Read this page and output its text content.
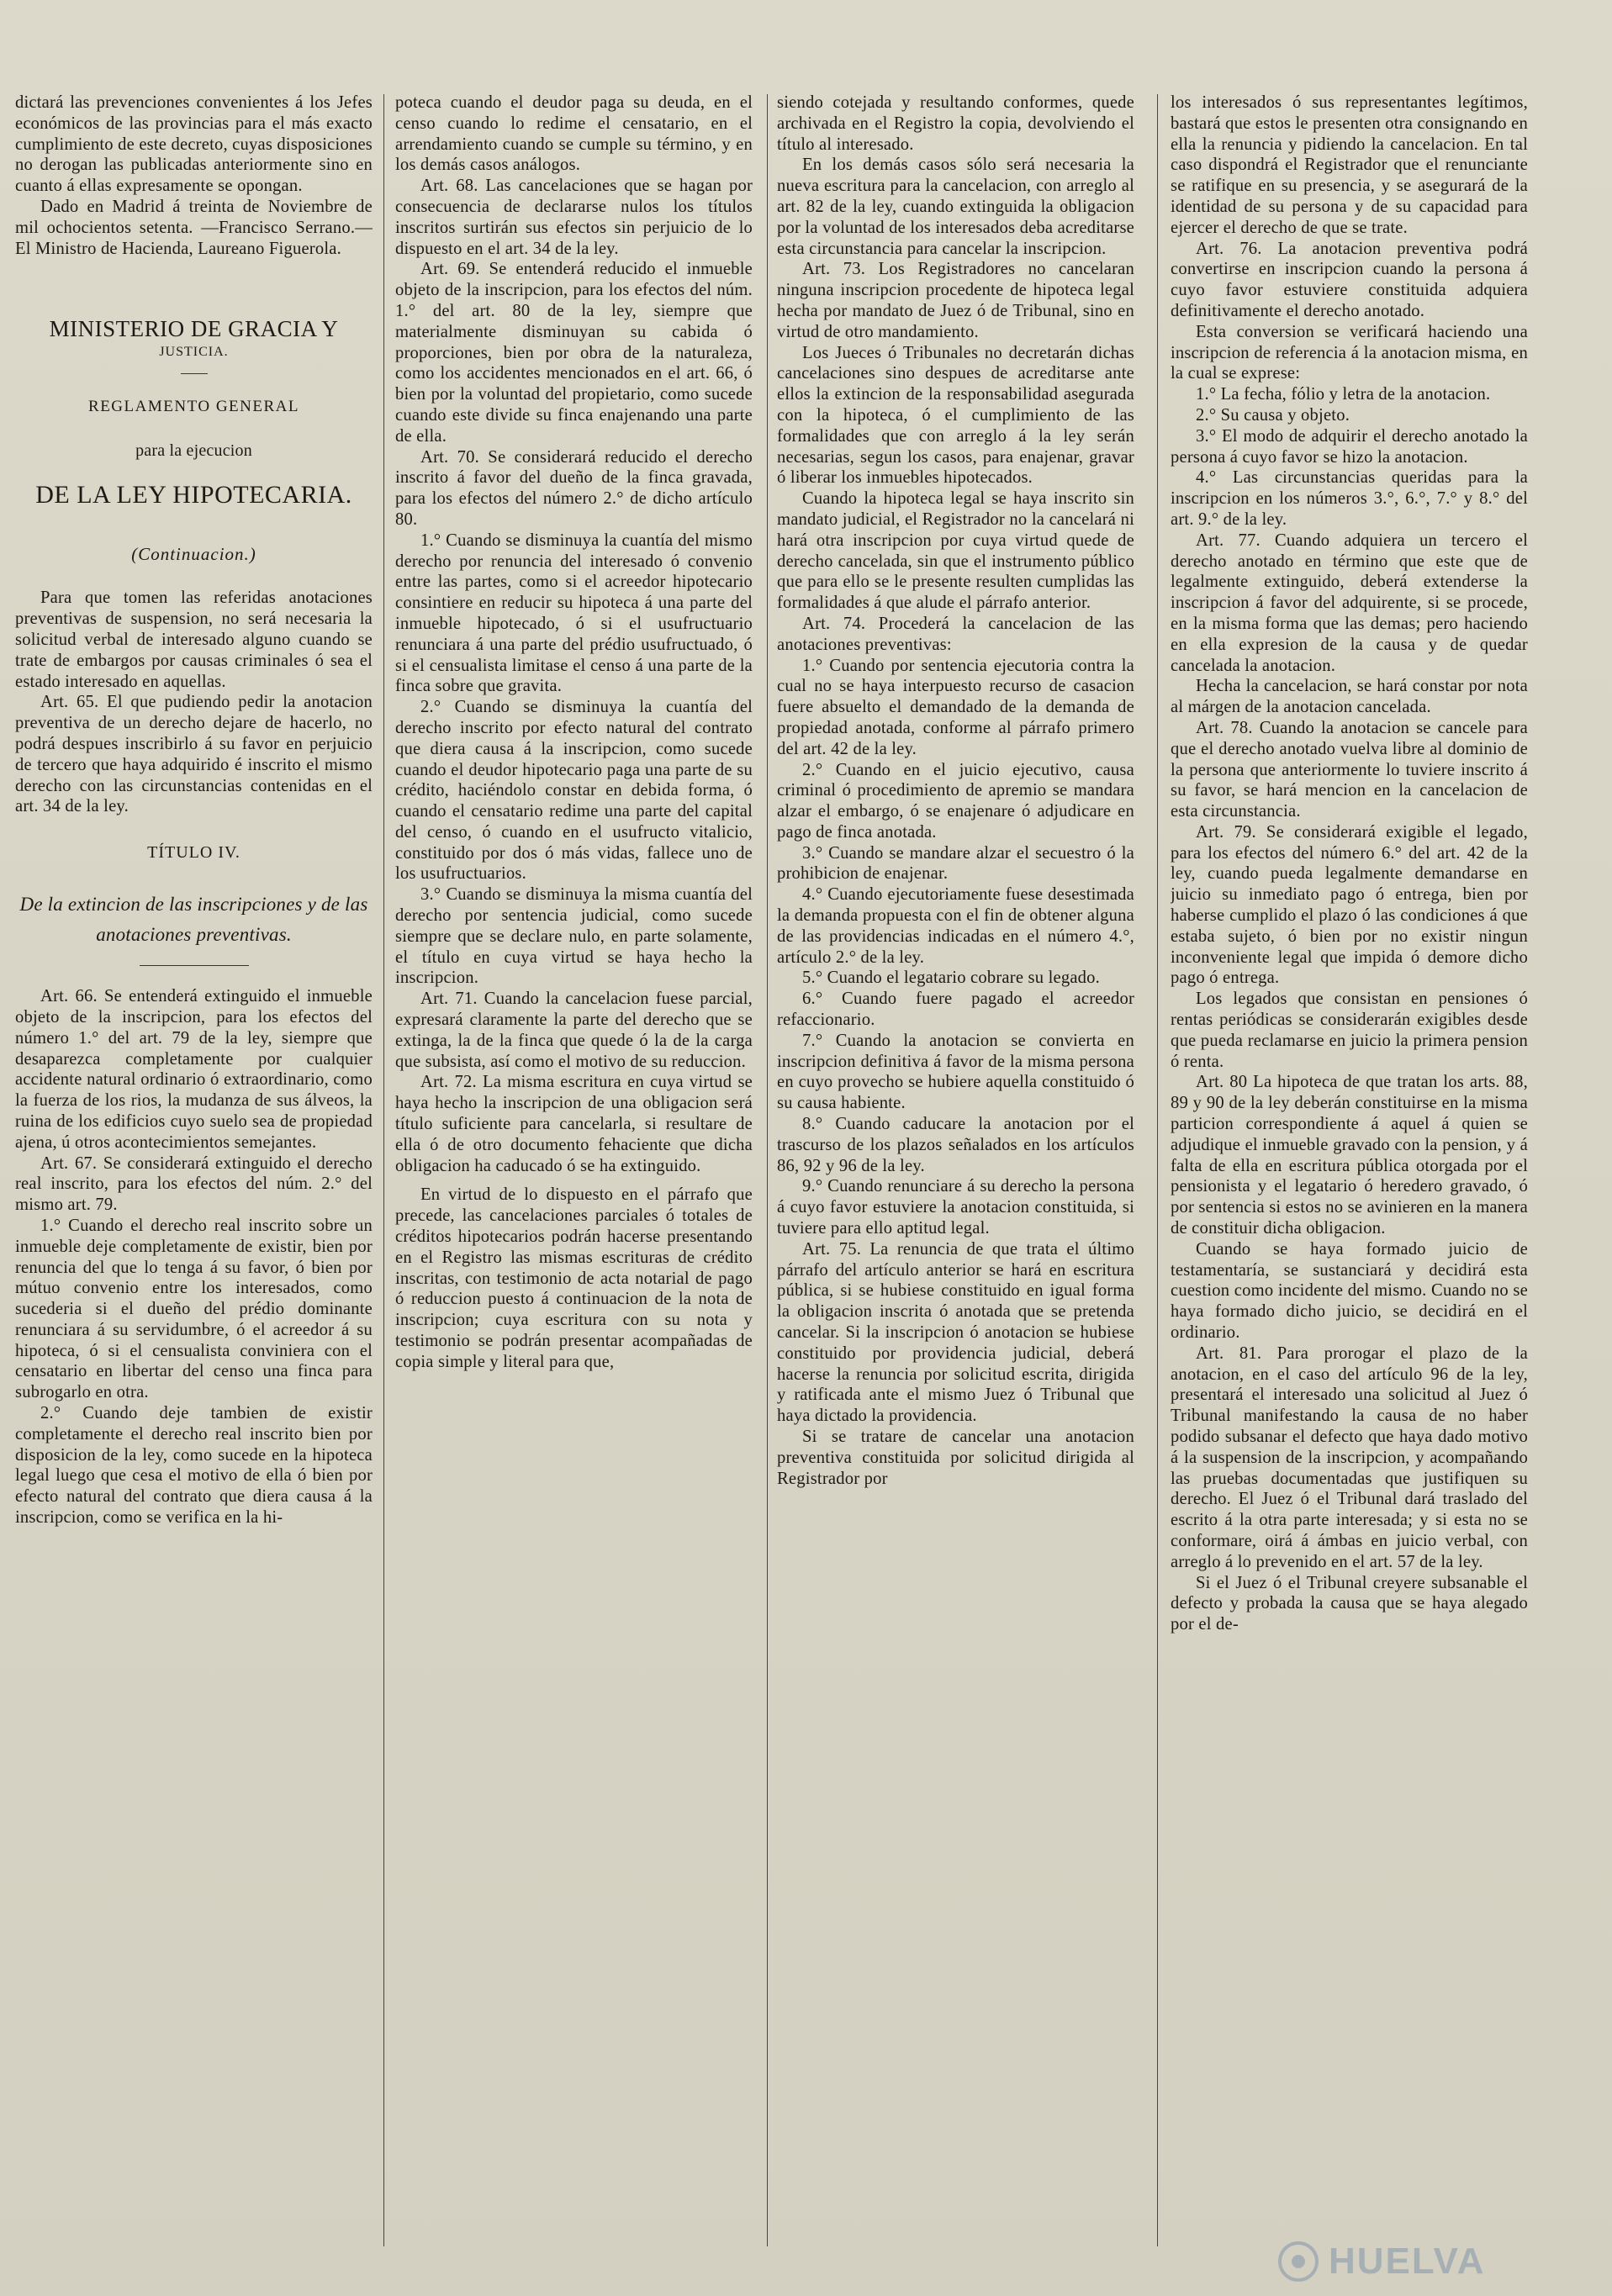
dictará las prevenciones convenientes á los Jefes económicos de las provincias para el más exacto cumplimiento de este decreto, cuyas disposiciones no derogan las publicadas anteriormente sino en cuanto á ellas expresamente se opongan.

Dado en Madrid á treinta de Noviembre de mil ochocientos setenta. —Francisco Serrano.—El Ministro de Hacienda, Laureano Figuerola.

MINISTERIO DE GRACIA Y
JUSTICIA.
REGLAMENTO GENERAL
para la ejecucion
DE LA LEY HIPOTECARIA.
(Continuacion.)

Para que tomen las referidas anotaciones preventivas de suspension, no será necesaria la solicitud verbal de interesado alguno cuando se trate de embargos por causas criminales ó sea el estado interesado en aquellas.

Art. 65. El que pudiendo pedir la anotacion preventiva de un derecho dejare de hacerlo, no podrá despues inscribirlo á su favor en perjuicio de tercero que haya adquirido é inscrito el mismo derecho con las circunstancias contenidas en el art. 34 de la ley.

TÍTULO IV.
De la extincion de las inscripciones y de las anotaciones preventivas.

Art. 66. Se entenderá extinguido el inmueble objeto de la inscripcion, para los efectos del número 1.° del art. 79 de la ley, siempre que desaparezca completamente por cualquier accidente natural ordinario ó extraordinario, como la fuerza de los rios, la mudanza de sus álveos, la ruina de los edificios cuyo suelo sea de propiedad ajena, ú otros acontecimientos semejantes.

Art. 67. Se considerará extinguido el derecho real inscrito, para los efectos del núm. 2.° del mismo art. 79.

1.° Cuando el derecho real inscrito sobre un inmueble deje completamente de existir, bien por renuncia del que lo tenga á su favor, ó bien por mútuo convenio entre los interesados, como sucederia si el dueño del prédio dominante renunciara á su servidumbre, ó el acreedor á su hipoteca, ó si el censualista conviniera con el censatario en libertar del censo una finca para subrogarlo en otra.

2.° Cuando deje tambien de existir completamente el derecho real inscrito bien por disposicion de la ley, como sucede en la hipoteca legal luego que cesa el motivo de ella ó bien por efecto natural del contrato que diera causa á la inscripcion, como se verifica en la hi-

poteca cuando el deudor paga su deuda, en el censo cuando lo redime el censatario, en el arrendamiento cuando se cumple su término, y en los demás casos análogos.

Art. 68. Las cancelaciones que se hagan por consecuencia de declararse nulos los títulos inscritos surtirán sus efectos sin perjuicio de lo dispuesto en el art. 34 de la ley.

Art. 69. Se entenderá reducido el inmueble objeto de la inscripcion, para los efectos del núm. 1.° del art. 80 de la ley, siempre que materialmente disminuyan su cabida ó proporciones, bien por obra de la naturaleza, como los accidentes mencionados en el art. 66, ó bien por la voluntad del propietario, como sucede cuando este divide su finca enajenando una parte de ella.

Art. 70. Se considerará reducido el derecho inscrito á favor del dueño de la finca gravada, para los efectos del número 2.° de dicho artículo 80.

1.° Cuando se disminuya la cuantía del mismo derecho por renuncia del interesado ó convenio entre las partes, como si el acreedor hipotecario consintiere en reducir su hipoteca á una parte del inmueble hipotecado, ó si el usufructuario renunciara á una parte del prédio usufructuado, ó si el censualista limitase el censo á una parte de la finca sobre que gravita.

2.° Cuando se disminuya la cuantía del derecho inscrito por efecto natural del contrato que diera causa á la inscripcion, como sucede cuando el deudor hipotecario paga una parte de su crédito, haciéndolo constar en debida forma, ó cuando el censatario redime una parte del capital del censo, ó cuando en el usufructo vitalicio, constituido por dos ó más vidas, fallece uno de los usufructuarios.

3.° Cuando se disminuya la misma cuantía del derecho por sentencia judicial, como sucede siempre que se declare nulo, en parte solamente, el título en cuya virtud se haya hecho la inscripcion.

Art. 71. Cuando la cancelacion fuese parcial, expresará claramente la parte del derecho que se extinga, la de la finca que quede ó la de la carga que subsista, así como el motivo de su reduccion.

Art. 72. La misma escritura en cuya virtud se haya hecho la inscripcion de una obligacion será título suficiente para cancelarla, si resultare de ella ó de otro documento fehaciente que dicha obligacion ha caducado ó se ha extinguido.

En virtud de lo dispuesto en el párrafo que precede, las cancelaciones parciales ó totales de créditos hipotecarios podrán hacerse presentando en el Registro las mismas escrituras de crédito inscritas, con testimonio de acta notarial de pago ó reduccion puesto á continuacion de la nota de inscripcion; cuya escritura con su nota y testimonio se podrán presentar acompañadas de copia simple y literal para que,

siendo cotejada y resultando conformes, quede archivada en el Registro la copia, devolviendo el título al interesado.

En los demás casos sólo será necesaria la nueva escritura para la cancelacion, con arreglo al art. 82 de la ley, cuando extinguida la obligacion por la voluntad de los interesados deba acreditarse esta circunstancia para cancelar la inscripcion.

Art. 73. Los Registradores no cancelaran ninguna inscripcion procedente de hipoteca legal hecha por mandato de Juez ó de Tribunal, sino en virtud de otro mandamiento.

Los Jueces ó Tribunales no decretarán dichas cancelaciones sino despues de acreditarse ante ellos la extincion de la responsabilidad asegurada con la hipoteca, ó el cumplimiento de las formalidades que con arreglo á la ley serán necesarias, segun los casos, para enajenar, gravar ó liberar los inmuebles hipotecados.

Cuando la hipoteca legal se haya inscrito sin mandato judicial, el Registrador no la cancelará ni hará otra inscripcion por cuya virtud quede de derecho cancelada, sin que el instrumento público que para ello se le presente resulten cumplidas las formalidades á que alude el párrafo anterior.

Art. 74. Procederá la cancelacion de las anotaciones preventivas:

1.° Cuando por sentencia ejecutoria contra la cual no se haya interpuesto recurso de casacion fuere absuelto el demandado de la demanda de propiedad anotada, conforme al párrafo primero del art. 42 de la ley.

2.° Cuando en el juicio ejecutivo, causa criminal ó procedimiento de apremio se mandara alzar el embargo, ó se enajenare ó adjudicare en pago de finca anotada.

3.° Cuando se mandare alzar el secuestro ó la prohibicion de enajenar.

4.° Cuando ejecutoriamente fuese desestimada la demanda propuesta con el fin de obtener alguna de las providencias indicadas en el número 4.°, artículo 2.° de la ley.

5.° Cuando el legatario cobrare su legado.

6.° Cuando fuere pagado el acreedor refaccionario.

7.° Cuando la anotacion se convierta en inscripcion definitiva á favor de la misma persona en cuyo provecho se hubiere aquella constituido ó su causa habiente.

8.° Cuando caducare la anotacion por el trascurso de los plazos señalados en los artículos 86, 92 y 96 de la ley.

9.° Cuando renunciare á su derecho la persona á cuyo favor estuviere la anotacion constituida, si tuviere para ello aptitud legal.

Art. 75. La renuncia de que trata el último párrafo del artículo anterior se hará en escritura pública, si se hubiese constituido en igual forma la obligacion inscrita ó anotada que se pretenda cancelar. Si la inscripcion ó anotacion se hubiese constituido por providencia judicial, deberá hacerse la renuncia por solicitud escrita, dirigida y ratificada ante el mismo Juez ó Tribunal que haya dictado la providencia.

Si se tratare de cancelar una anotacion preventiva constituida por solicitud dirigida al Registrador por

los interesados ó sus representantes legítimos, bastará que estos le presenten otra consignando en ella la renuncia y pidiendo la cancelacion. En tal caso dispondrá el Registrador que el renunciante se ratifique en su presencia, y se asegurará de la identidad de su persona y de su capacidad para ejercer el derecho de que se trate.

Art. 76. La anotacion preventiva podrá convertirse en inscripcion cuando la persona á cuyo favor estuviere constituida adquiera definitivamente el derecho anotado.

Esta conversion se verificará haciendo una inscripcion de referencia á la anotacion misma, en la cual se exprese:

1.° La fecha, fólio y letra de la anotacion.

2.° Su causa y objeto.

3.° El modo de adquirir el derecho anotado la persona á cuyo favor se hizo la anotacion.

4.° Las circunstancias queridas para la inscripcion en los números 3.°, 6.°, 7.° y 8.° del art. 9.° de la ley.

Art. 77. Cuando adquiera un tercero el derecho anotado en término que este que de legalmente extinguido, deberá extenderse la inscripcion á favor del adquirente, si se procede, en la misma forma que las demas; pero haciendo en ella expresion de la causa y de quedar cancelada la anotacion.

Hecha la cancelacion, se hará constar por nota al márgen de la anotacion cancelada.

Art. 78. Cuando la anotacion se cancele para que el derecho anotado vuelva libre al dominio de la persona que anteriormente lo tuviere inscrito á su favor, se hará mencion en la cancelacion de esta circunstancia.

Art. 79. Se considerará exigible el legado, para los efectos del número 6.° del art. 42 de la ley, cuando pueda legalmente demandarse en juicio su inmediato pago ó entrega, bien por haberse cumplido el plazo ó las condiciones á que estaba sujeto, ó bien por no existir ningun inconveniente legal que impida ó demore dicho pago ó entrega.

Los legados que consistan en pensiones ó rentas periódicas se considerarán exigibles desde que pueda reclamarse en juicio la primera pension ó renta.

Art. 80 La hipoteca de que tratan los arts. 88, 89 y 90 de la ley deberán constituirse en la misma particion correspondiente á aquel á quien se adjudique el inmueble gravado con la pension, y á falta de ella en escritura pública otorgada por el pensionista y el legatario ó heredero gravado, ó por sentencia si estos no se avinieren en la manera de constituir dicha obligacion.

Cuando se haya formado juicio de testamentaría, se sustanciará y decidirá esta cuestion como incidente del mismo. Cuando no se haya formado dicho juicio, se decidirá en el ordinario.

Art. 81. Para prorogar el plazo de la anotacion, en el caso del artículo 96 de la ley, presentará el interesado una solicitud al Juez ó Tribunal manifestando la causa de no haber podido subsanar el defecto que haya dado motivo á la suspension de la inscripcion, y acompañando las pruebas documentadas que justifiquen su derecho. El Juez ó el Tribunal dará traslado del escrito á la otra parte interesada; y si esta no se conformare, oirá á ámbas en juicio verbal, con arreglo á lo prevenido en el art. 57 de la ley.

Si el Juez ó el Tribunal creyere subsanable el defecto y probada la causa que se haya alegado por el de-

HUELVA
